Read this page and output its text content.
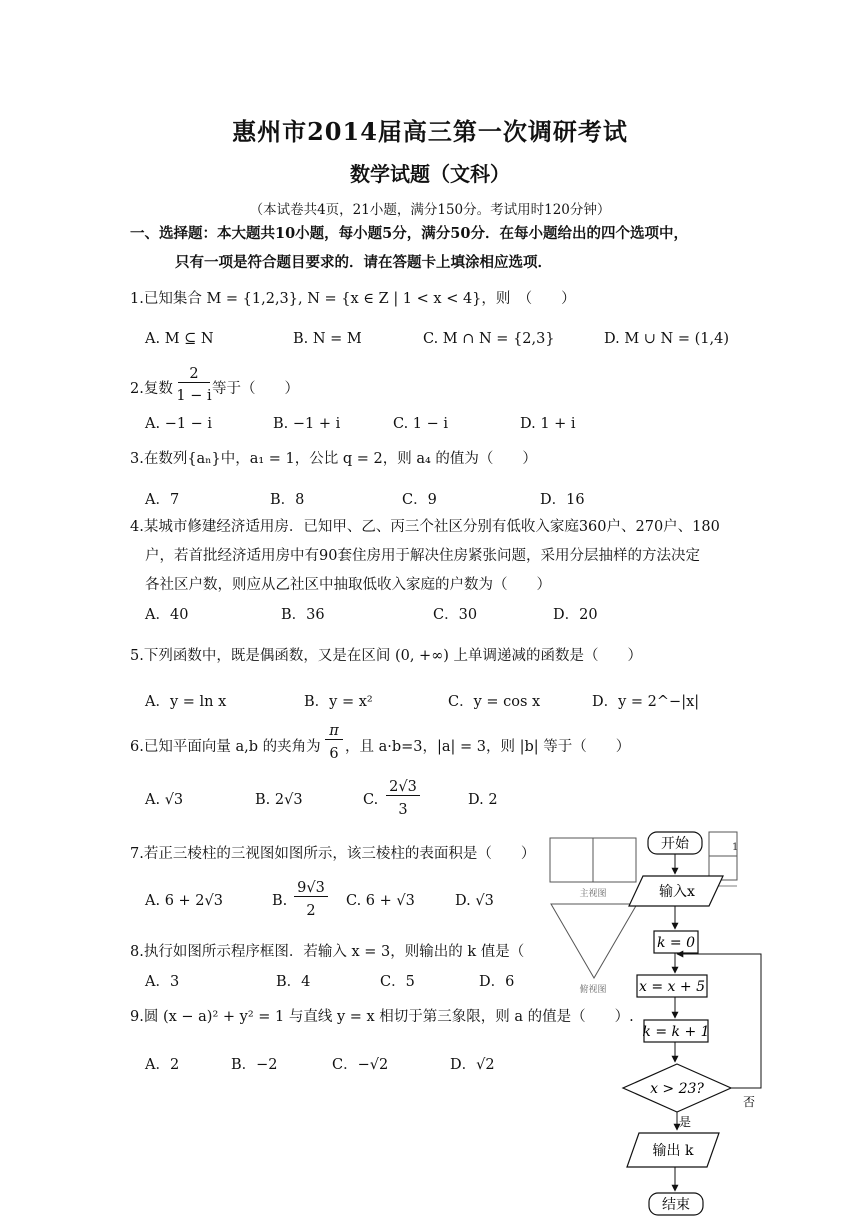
惠州市2014届高三第一次调研考试
数学试题（文科）
（本试卷共4页，21小题，满分150分。考试用时120分钟）
一、选择题：本大题共10小题，每小题5分，满分50分．在每小题给出的四个选项中，
只有一项是符合题目要求的．请在答题卡上填涂相应选项．
1.已知集合 M = {1,2,3}, N = {x ∈ Z | 1 < x < 4}，则　（　　）
A. M ⊆ N	B. N = M	C. M ∩ N = {2,3}	D. M ∪ N = (1,4)
2.复数
2
1 − i 等于（　　）
A. −1 − i	B. −1 + i	C. 1 − i	D. 1 + i
3.在数列{aₙ}中，a₁ = 1，公比 q = 2，则 a₄ 的值为（　　）
A．7	B．8	C．9	D．16
4.某城市修建经济适用房．已知甲、乙、丙三个社区分别有低收入家庭360户、270户、180
户，若首批经济适用房中有90套住房用于解决住房紧张问题，采用分层抽样的方法决定
各社区户数，则应从乙社区中抽取低收入家庭的户数为（　　）
A．40	B．36	C．30	D．20
5.下列函数中，既是偶函数，又是在区间 (0, +∞) 上单调递减的函数是（　　）
A．y = ln x	B．y = x²	C．y = cos x	D．y = 2^−|x|
6.已知平面向量 a,b 的夹角为
π
6 ，且 a·b=3，|a| = 3，则 |b| 等于（　　）
A. √3	B. 2√3	C.
2√3
3
D. 2
7.若正三棱柱的三视图如图所示，该三棱柱的表面积是（　　）
A. 6 + 2√3	B.
9√3
2
C. 6 + √3	D. √3
8.执行如图所示程序框图．若输入 x = 3，则输出的 k 值是（
A．3	B．4	C．5	D．6
9.圆 (x − a)² + y² = 1 与直线 y = x 相切于第三象限，则 a 的值是（　　）.
A．2	B．−2	C．−√2	D．√2
主视图
俯视图
1
开始
输入x
k = 0
x = x + 5
k = k + 1
x > 23?
否
是
输出 k
结束
